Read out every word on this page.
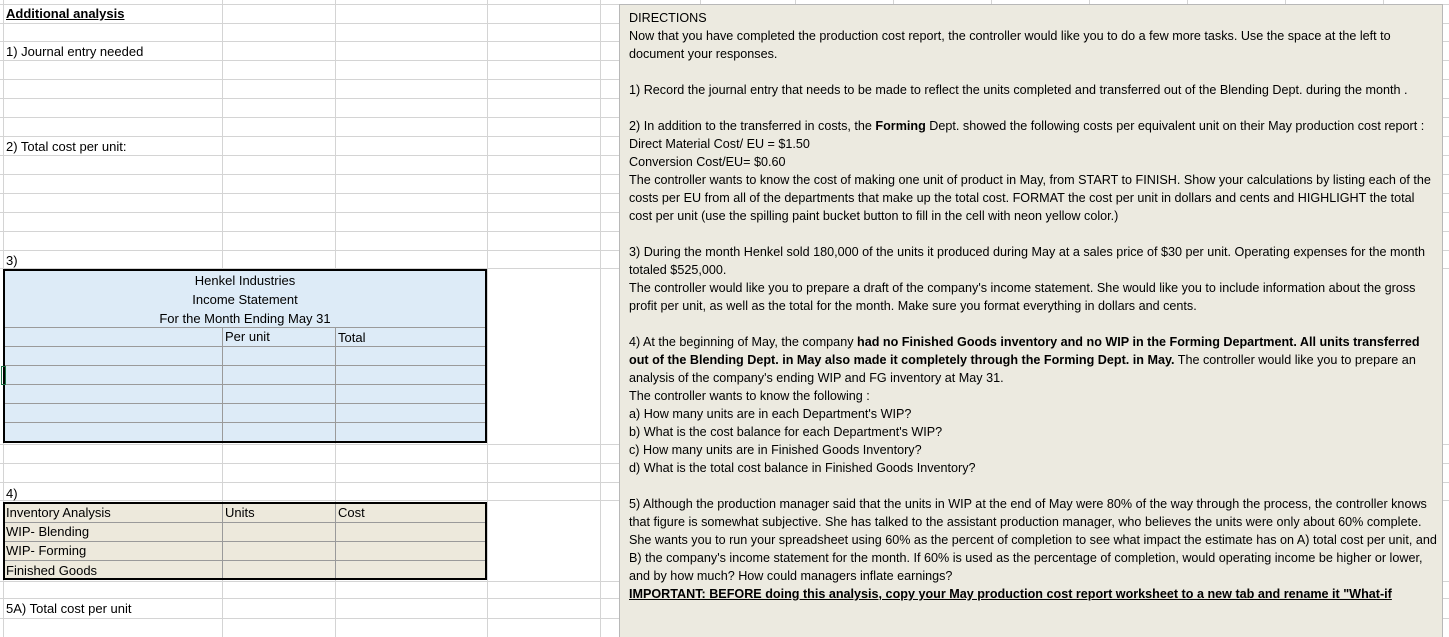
Additional analysis
1) Journal entry needed
2) Total cost per unit:
3)
Henkel Industries
Income Statement
For the Month Ending May 31
Per unit	Total
4)
Inventory Analysis	Units	Cost
WIP- Blending
WIP- Forming
Finished Goods
5A) Total cost per unit

DIRECTIONS

Now that you have completed the production cost report, the controller would like you to do a few more tasks. Use the space at the left to document your responses.

1) Record the journal entry that needs to be made to reflect the units completed and transferred out of the Blending Dept. during the month .

2) In addition to the transferred in costs, the Forming Dept. showed the following costs per equivalent unit on their May production cost report :

Direct Material Cost/ EU = $1.50

Conversion Cost/EU= $0.60

The controller wants to know the cost of making one unit of product in May, from START to FINISH. Show your calculations by listing each of the costs per EU from all of the departments that make up the total cost. FORMAT the cost per unit in dollars and cents and HIGHLIGHT the total cost per unit (use the spilling paint bucket button to fill in the cell with neon yellow color.)

3) During the month Henkel sold 180,000 of the units it produced during May at a sales price of $30 per unit. Operating expenses for the month totaled $525,000.

The controller would like you to prepare a draft of the company's income statement. She would like you to include information about the gross profit per unit, as well as the total for the month. Make sure you format everything in dollars and cents.

4) At the beginning of May, the company had no Finished Goods inventory and no WIP in the Forming Department. All units transferred out of the Blending Dept. in May also made it completely through the Forming Dept. in May. The controller would like you to prepare an analysis of the company's ending WIP and FG inventory at May 31.

The controller wants to know the following :

a) How many units are in each Department's WIP?

b) What is the cost balance for each Department's WIP?

c) How many units are in Finished Goods Inventory?

d) What is the total cost balance in Finished Goods Inventory?

5) Although the production manager said that the units in WIP at the end of May were 80% of the way through the process, the controller knows that figure is somewhat subjective. She has talked to the assistant production manager, who believes the units were only about 60% complete. She wants you to run your spreadsheet using 60% as the percent of completion to see what impact the estimate has on A) total cost per unit, and B) the company's income statement for the month. If 60% is used as the percentage of completion, would operating income be higher or lower, and by how much? How could managers inflate earnings?

IMPORTANT: BEFORE doing this analysis, copy your May production cost report worksheet to a new tab and rename it "What-if
